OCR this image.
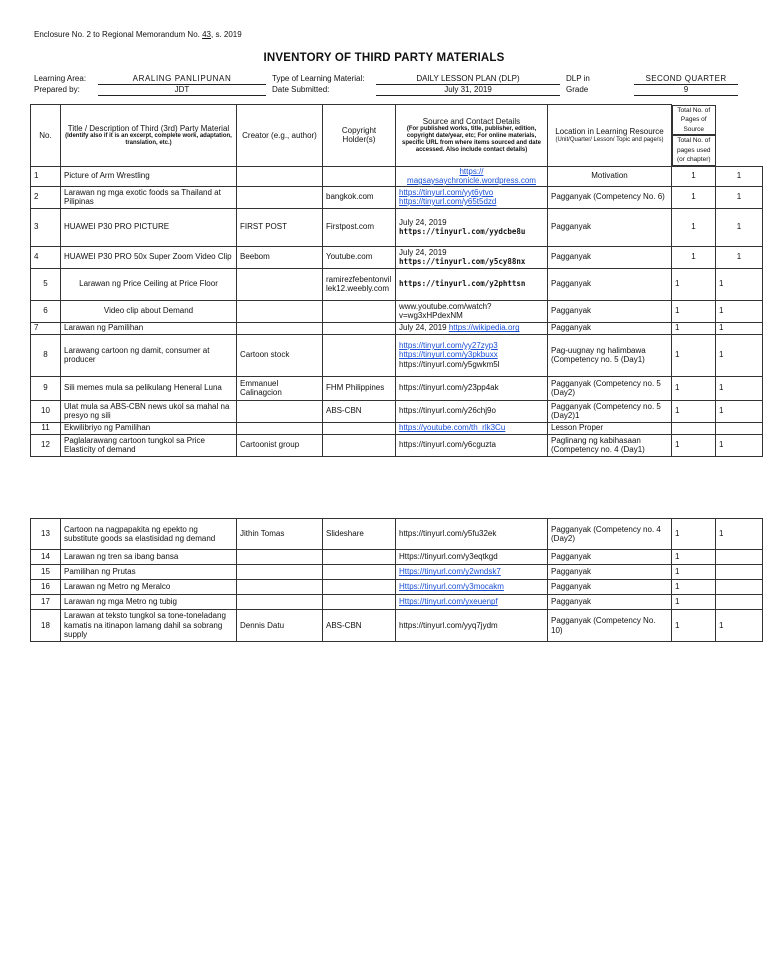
Enclosure No. 2 to Regional Memorandum No. 43, s. 2019
INVENTORY OF THIRD PARTY MATERIALS
Learning Area:	ARALING PANLIPUNAN
Prepared by:	JDT
Type of Learning Material:	DAILY LESSON PLAN (DLP)
Date Submitted:	July 31, 2019
DLP in	SECOND QUARTER
Grade	9
No.	Title / Description of Third (3rd) Party Material
(Identify also if it is an excerpt, complete work, adaptation, translation, etc.)	Creator (e.g., author)	Copyright Holder(s)	Source and Contact Details
(For published works, title, publisher, edition, copyright date/year, etc; For online materials, specific URL from where items sourced and date accessed. Also include contact details)	Location in Learning Resource
(Unit/Quarter/ Lesson/ Topic and page/s)

Total No. of Pages of Source
Total No. of pages used (or chapter)

1	Picture of Arm Wrestling			https://
magsaysaychronicle.wordpress.com	Motivation	1	1
2	Larawan ng mga exotic foods sa Thailand at Pilipinas		bangkok.com	https://tinyurl.com/yyt6ytvo
https://tinyurl.com/y65t5dzd	Pagganyak (Competency No. 6)	1	1
3	HUAWEI P30 PRO PICTURE	FIRST POST	Firstpost.com	July 24, 2019
https://tinyurl.com/yydcbe8u	Pagganyak	1	1
4	HUAWEI P30 PRO 50x Super Zoom Video Clip	Beebom	Youtube.com	July 24, 2019
https://tinyurl.com/y5cy88nx	Pagganyak	1	1
5	Larawan ng Price Ceiling at Price Floor		ramirezfebentonvillek12.weebly.com	https://tinyurl.com/y2phttsn	Pagganyak	1	1
6	Video clip about Demand			www.youtube.com/watch?
v=wg3xHPdexNM	Pagganyak	1	1
7	Larawan ng Pamilihan			July 24, 2019 https://wikipedia.org	Pagganyak	1	1
8	Larawang cartoon ng damit, consumer at producer	Cartoon stock		https://tinyurl.com/yy27zyp3
https://tinyurl.com/y3pkbuxx
https://tinyurl.com/y5gwkm5l	Pag-uugnay ng halimbawa (Competency no. 5 (Day1)	1	1
9	Sili memes mula sa pelikulang Heneral Luna	Emmanuel Calinagcion	FHM Philippines	https://tinyurl.com/y23pp4ak	Pagganyak (Competency no. 5 (Day2)	1	1
10	Ulat mula sa ABS-CBN news ukol sa mahal na presyo ng sili		ABS-CBN	https://tinyurl.com/y26chj9o	Pagganyak (Competency no. 5 (Day2)1	1	1
11	Ekwilibriyo ng Pamilihan			https://youtube.com/th_rlk3Cu	Lesson Proper		
12	Paglalarawang cartoon tungkol sa Price Elasticity of demand	Cartoonist group		https://tinyurl.com/y6cguzta	Paglinang ng kabihasaan (Competency no. 4 (Day1)	1	1
13	Cartoon na nagpapakita ng epekto ng substitute goods sa elastisidad ng demand	Jithin Tomas	Slideshare	https://tinyurl.com/y5fu32ek	Pagganyak (Competency no. 4 (Day2)	1	1
14	Larawan ng tren sa ibang bansa			Https://tinyurl.com/y3eqtkgd	Pagganyak	1	
15	Pamilihan ng Prutas			Https://tinyurl.com/y2wndsk7	Pagganyak	1	
16	Larawan ng Metro ng Meralco			Https://tinyurl.com/y3mocakm	Pagganyak	1	
17	Larawan ng mga Metro ng tubig			Https://tinyurl.com/yxeuenpf	Pagganyak	1	
18	Larawan at teksto tungkol sa tone-toneladang kamatis na itinapon lamang dahil sa sobrang supply	Dennis Datu	ABS-CBN	https://tinyurl.com/yyq7jydm	Pagganyak (Competency No. 10)	1	1
